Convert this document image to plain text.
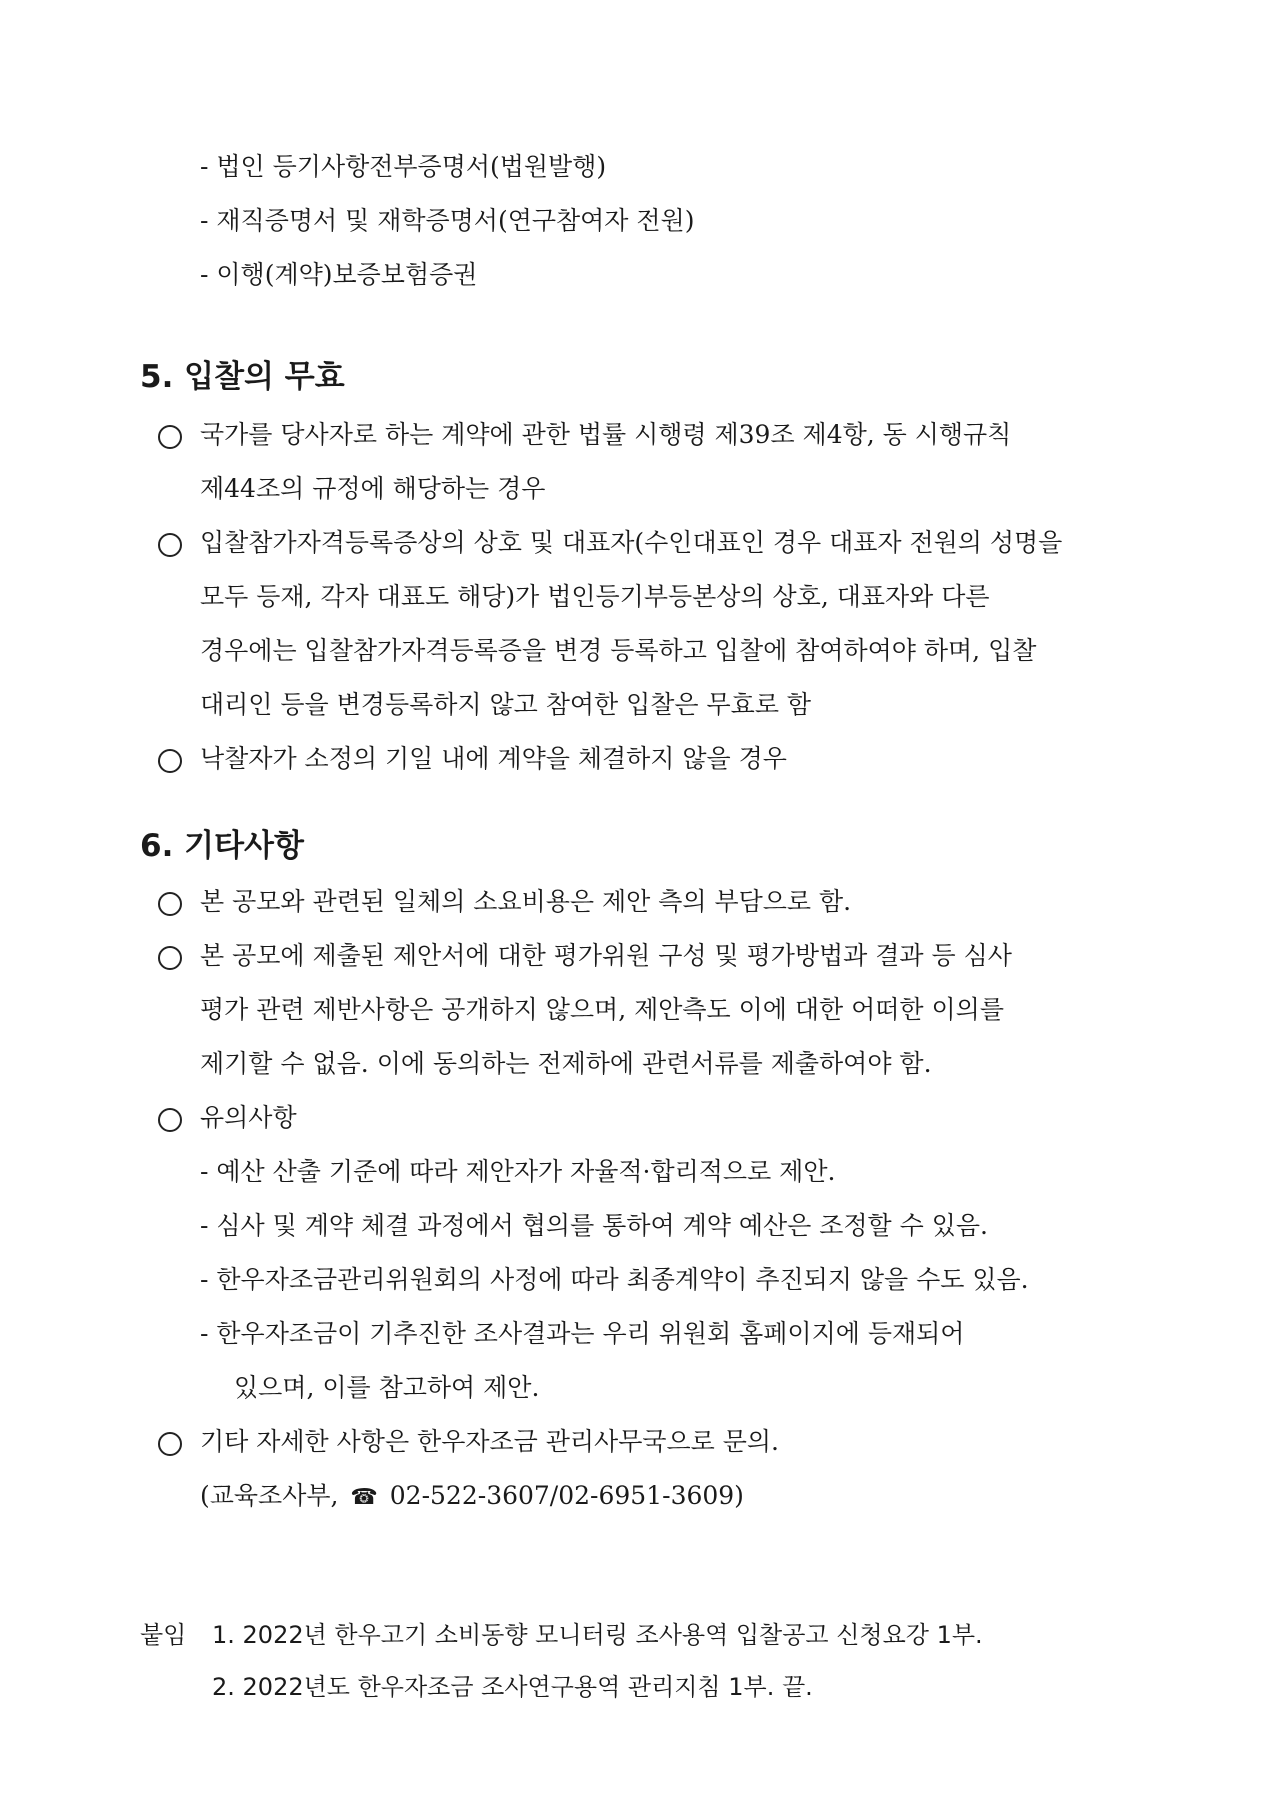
- 법인 등기사항전부증명서(법원발행)
- 재직증명서 및 재학증명서(연구참여자 전원)
- 이행(계약)보증보험증권
5. 입찰의 무효
국가를 당사자로 하는 계약에 관한 법률 시행령 제39조 제4항, 동 시행규칙
제44조의 규정에 해당하는 경우
입찰참가자격등록증상의 상호 및 대표자(수인대표인 경우 대표자 전원의 성명을
모두 등재, 각자 대표도 해당)가 법인등기부등본상의 상호, 대표자와 다른
경우에는 입찰참가자격등록증을 변경 등록하고 입찰에 참여하여야 하며, 입찰
대리인 등을 변경등록하지 않고 참여한 입찰은 무효로 함
낙찰자가 소정의 기일 내에 계약을 체결하지 않을 경우
6. 기타사항
본 공모와 관련된 일체의 소요비용은 제안 측의 부담으로 함.
본 공모에 제출된 제안서에 대한 평가위원 구성 및 평가방법과 결과 등 심사
평가 관련 제반사항은 공개하지 않으며, 제안측도 이에 대한 어떠한 이의를
제기할 수 없음. 이에 동의하는 전제하에 관련서류를 제출하여야 함.
유의사항
- 예산 산출 기준에 따라 제안자가 자율적·합리적으로 제안.
- 심사 및 계약 체결 과정에서 협의를 통하여 계약 예산은 조정할 수 있음.
- 한우자조금관리위원회의 사정에 따라 최종계약이 추진되지 않을 수도 있음.
- 한우자조금이 기추진한 조사결과는 우리 위원회 홈페이지에 등재되어
있으며, 이를 참고하여 제안.
기타 자세한 사항은 한우자조금 관리사무국으로 문의.
(교육조사부, ☎ 02-522-3607/02-6951-3609)
붙임 1. 2022년 한우고기 소비동향 모니터링 조사용역 입찰공고 신청요강 1부.
2. 2022년도 한우자조금 조사연구용역 관리지침 1부. 끝.
